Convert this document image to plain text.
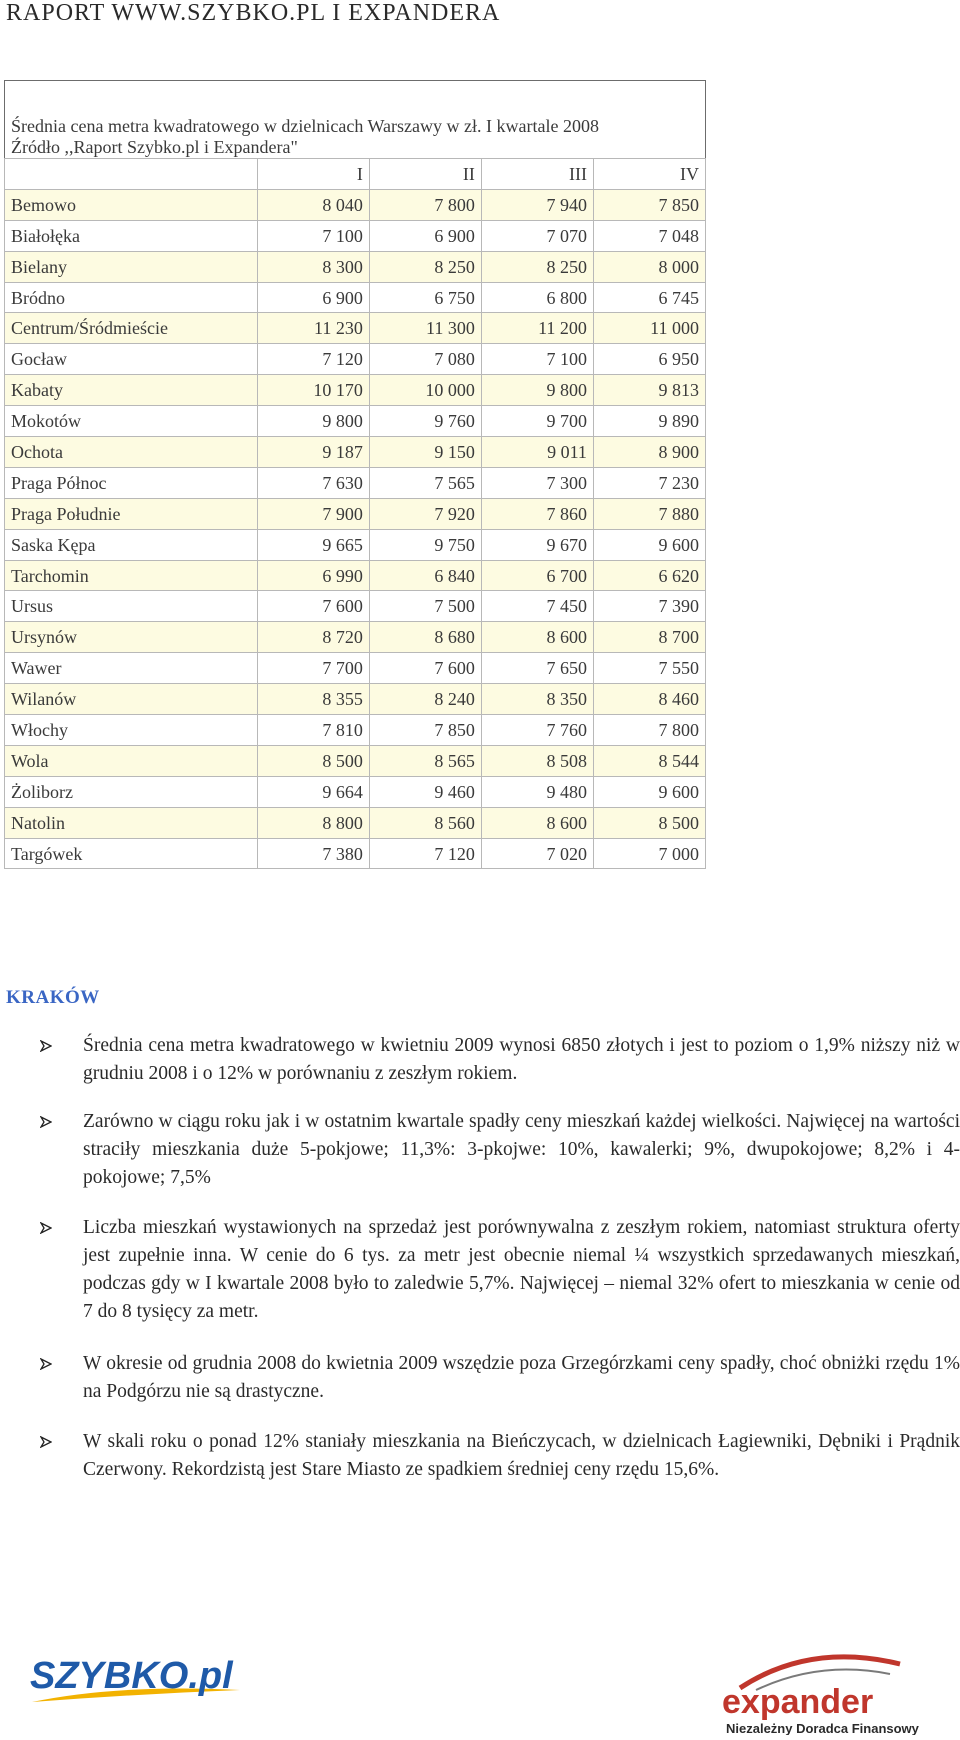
RAPORT WWW.SZYBKO.PL I EXPANDERA
Średnia cena metra kwadratowego w dzielnicach Warszawy w zł. I kwartale 2008
Źródło ,,Raport Szybko.pl i Expandera"				

	I	II	III	IV
Bemowo	8 040	7 800	7 940	7 850
Białołęka	7 100	6 900	7 070	7 048
Bielany	8 300	8 250	8 250	8 000
Bródno	6 900	6 750	6 800	6 745
Centrum/Śródmieście	11 230	11 300	11 200	11 000
Gocław	7 120	7 080	7 100	6 950
Kabaty	10 170	10 000	9 800	9 813
Mokotów	9 800	9 760	9 700	9 890
Ochota	9 187	9 150	9 011	8 900
Praga Północ	7 630	7 565	7 300	7 230
Praga Południe	7 900	7 920	7 860	7 880
Saska Kępa	9 665	9 750	9 670	9 600
Tarchomin	6 990	6 840	6 700	6 620
Ursus	7 600	7 500	7 450	7 390
Ursynów	8 720	8 680	8 600	8 700
Wawer	7 700	7 600	7 650	7 550
Wilanów	8 355	8 240	8 350	8 460
Włochy	7 810	7 850	7 760	7 800
Wola	8 500	8 565	8 508	8 544
Żoliborz	9 664	9 460	9 480	9 600
Natolin	8 800	8 560	8 600	8 500
Targówek	7 380	7 120	7 020	7 000
KRAKÓW
Średnia cena metra kwadratowego w kwietniu 2009 wynosi 6850 złotych i jest to poziom o 1,9% niższy niż w grudniu 2008 i o 12% w porównaniu z zeszłym rokiem.
Zarówno w ciągu roku jak i w ostatnim kwartale spadły ceny mieszkań każdej wielkości. Najwięcej na wartości straciły mieszkania duże 5-pokjowe; 11,3%: 3-pkojwe: 10%, kawalerki; 9%, dwupokojowe; 8,2% i 4-pokojowe; 7,5%
Liczba mieszkań wystawionych na sprzedaż jest porównywalna z zeszłym rokiem, natomiast struktura oferty jest zupełnie inna. W cenie do 6 tys. za metr jest obecnie niemal ¼ wszystkich sprzedawanych mieszkań, podczas gdy w I kwartale 2008 było to zaledwie 5,7%. Najwięcej – niemal 32% ofert to mieszkania w cenie od 7 do 8 tysięcy za metr.
W okresie od grudnia 2008 do kwietnia 2009 wszędzie poza Grzegórzkami ceny spadły, choć obniżki rzędu 1% na Podgórzu nie są drastyczne.
W skali roku o ponad 12% staniały mieszkania na Bieńczycach, w dzielnicach Łagiewniki, Dębniki i Prądnik Czerwony. Rekordzistą jest Stare Miasto ze spadkiem średniej ceny rzędu 15,6%.
SZYBKO.pl
expander
Niezależny Doradca Finansowy
